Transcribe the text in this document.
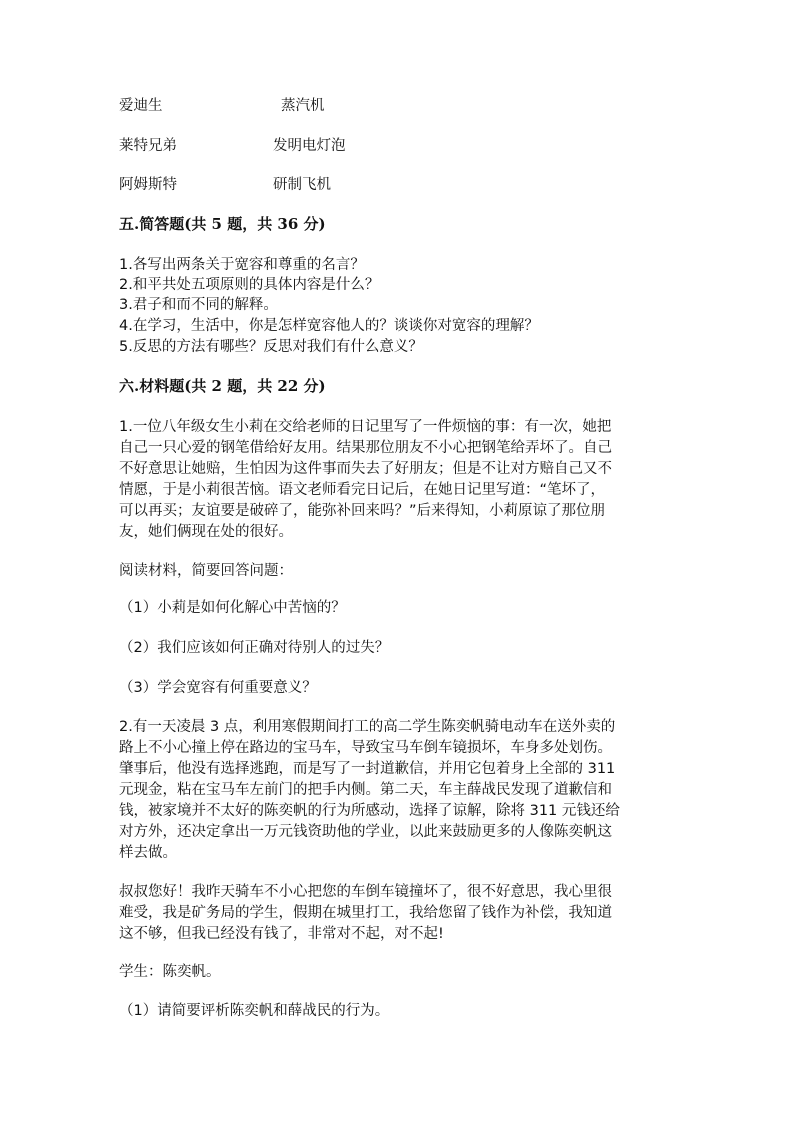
爱迪生	蒸汽机
莱特兄弟	发明电灯泡
阿姆斯特	研制飞机
五.简答题(共 5 题，共 36 分)
1.各写出两条关于宽容和尊重的名言？
2.和平共处五项原则的具体内容是什么？
3.君子和而不同的解释。
4.在学习，生活中，你是怎样宽容他人的？谈谈你对宽容的理解？
5.反思的方法有哪些？反思对我们有什么意义？
六.材料题(共 2 题，共 22 分)
1.一位八年级女生小莉在交给老师的日记里写了一件烦恼的事：有一次，她把
自己一只心爱的钢笔借给好友用。结果那位朋友不小心把钢笔给弄坏了。自己
不好意思让她赔，生怕因为这件事而失去了好朋友；但是不让对方赔自己又不
情愿，于是小莉很苦恼。语文老师看完日记后，在她日记里写道：“笔坏了，
可以再买；友谊要是破碎了，能弥补回来吗？”后来得知，小莉原谅了那位朋
友，她们俩现在处的很好。
阅读材料，简要回答问题：
（1）小莉是如何化解心中苦恼的？
（2）我们应该如何正确对待别人的过失？
（3）学会宽容有何重要意义？
2.有一天凌晨 3 点，利用寒假期间打工的高二学生陈奕帆骑电动车在送外卖的
路上不小心撞上停在路边的宝马车，导致宝马车倒车镜损坏，车身多处划伤。
肇事后，他没有选择逃跑，而是写了一封道歉信，并用它包着身上全部的 311
元现金，粘在宝马车左前门的把手内侧。第二天，车主薛战民发现了道歉信和
钱，被家境并不太好的陈奕帆的行为所感动，选择了谅解，除将 311 元钱还给
对方外，还决定拿出一万元钱资助他的学业，以此来鼓励更多的人像陈奕帆这
样去做。
叔叔您好！我昨天骑车不小心把您的车倒车镜撞坏了，很不好意思，我心里很
难受，我是矿务局的学生，假期在城里打工，我给您留了钱作为补偿，我知道
这不够，但我已经没有钱了，非常对不起，对不起!
学生：陈奕帆。
（1）请简要评析陈奕帆和薛战民的行为。
